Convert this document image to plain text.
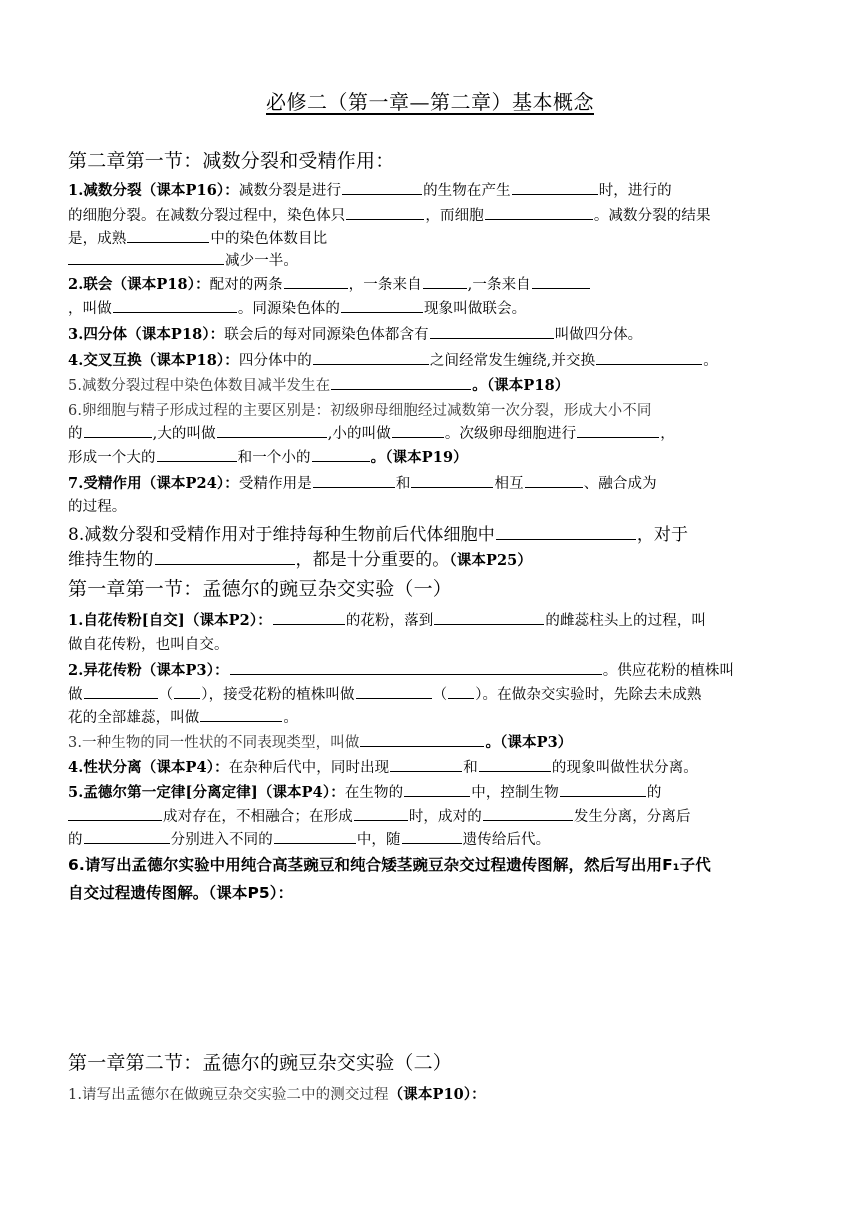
必修二（第一章—第二章）基本概念
第二章第一节：减数分裂和受精作用：
1.减数分裂（课本P16）：减数分裂是进行	的生物在产生	时，进行的
的细胞分裂。在减数分裂过程中，染色体只	，而细胞	。减数分裂的结果
是，成熟	中的染色体数目比
减少一半。
2.联会（课本P18）：配对的两条	，一条来自	,一条来自
，叫做	。同源染色体的	现象叫做联会。
3.四分体（课本P18）：联会后的每对同源染色体都含有	叫做四分体。
4.交叉互换（课本P18）：四分体中的	之间经常发生缠绕,并交换	。
5.减数分裂过程中染色体数目减半发生在	。（课本P18）
6.卵细胞与精子形成过程的主要区别是：初级卵母细胞经过减数第一次分裂，形成大小不同
的	,大的叫做	,小的叫做	。次级卵母细胞进行	，
形成一个大的	和一个小的	。（课本P19）
7.受精作用（课本P24）：受精作用是	和	相互	、融合成为
的过程。
8.减数分裂和受精作用对于维持每种生物前后代体细胞中	，对于
维持生物的	，都是十分重要的。（课本P25）
第一章第一节：孟德尔的豌豆杂交实验（一）
1.自花传粉[自交]（课本P2）：	的花粉，落到	的雌蕊柱头上的过程，叫
做自花传粉，也叫自交。
2.异花传粉（课本P3）：	。供应花粉的植株叫
做	（ ），接受花粉的植株叫做	（ ）。在做杂交实验时，先除去未成熟
花的全部雄蕊，叫做	。
3.一种生物的同一性状的不同表现类型，叫做	。（课本P3）
4.性状分离（课本P4）：在杂种后代中，同时出现	和	的现象叫做性状分离。
5.孟德尔第一定律[分离定律]（课本P4）：在生物的	中，控制生物	的
成对存在，不相融合；在形成	时，成对的	发生分离，分离后
的	分别进入不同的	中，随	遗传给后代。
6.请写出孟德尔实验中用纯合高茎豌豆和纯合矮茎豌豆杂交过程遗传图解，然后写出用F₁子代
自交过程遗传图解。（课本P5）：
第一章第二节：孟德尔的豌豆杂交实验（二）
1.请写出孟德尔在做豌豆杂交实验二中的测交过程（课本P10）：
